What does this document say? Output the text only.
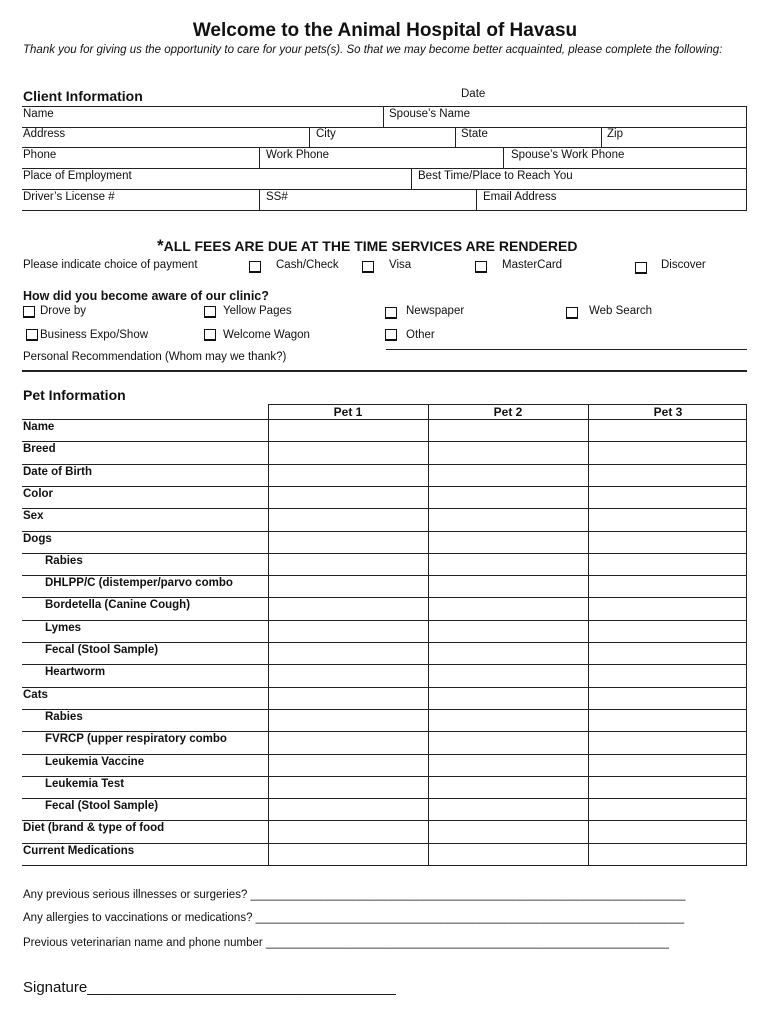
Welcome to the Animal Hospital of Havasu
Thank you for giving us the opportunity to care for your pets(s). So that we may become better acquainted, please complete the following:
Client Information	Date
Name	Spouse’s Name
Address	City	State	Zip
Phone	Work Phone	Spouse’s Work Phone
Place of Employment	Best Time/Place to Reach You
Driver’s License #	SS#	Email Address
*ALL FEES ARE DUE AT THE TIME SERVICES ARE RENDERED
Please indicate choice of payment	Cash/Check	Visa	MasterCard	Discover
How did you become aware of our clinic?
Drove by	Yellow Pages	Newspaper	Web Search
Business Expo/Show	Welcome Wagon	Other
Personal Recommendation (Whom may we thank?)
Pet Information
Pet 1	Pet 2	Pet 3
Name
Breed
Date of Birth
Color
Sex
Dogs
Rabies
DHLPP/C (distemper/parvo combo
Bordetella (Canine Cough)
Lymes
Fecal (Stool Sample)
Heartworm
Cats
Rabies
FVRCP (upper respiratory combo
Leukemia Vaccine
Leukemia Test
Fecal (Stool Sample)
Diet (brand & type of food
Current Medications
Any previous serious illnesses or surgeries? ____________________________________________________________________
Any allergies to vaccinations or medications? ___________________________________________________________________
Previous veterinarian name and phone number _______________________________________________________________
Signature_____________________________________
